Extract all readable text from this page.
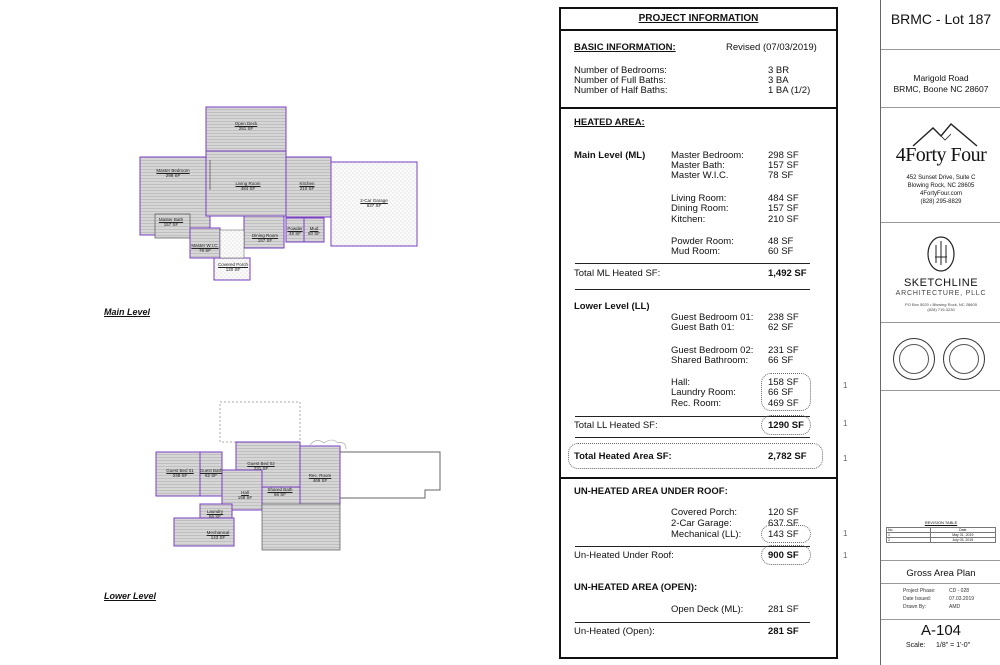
Open Deck
281 SF
Master Bedroom
298 SF
Living Room
484 SF
Kitchen
210 SF
2-Car Garage
637 SF
Master Bath
157 SF
Master W.I.C.
78 SF
Dining Room
157 SF
Powder
48 SF
Mud
60 SF
Covered Porch
120 SF
Guest Bed 01
238 SF
Guest Bath
62 SF
Guest Bed 02
231 SF
Rec. Room
469 SF
Hall
158 SF
Shared Bath
66 SF
Laundry
66 SF
Mechanical
143 SF
Main Level
Lower Level
PROJECT INFORMATION
BASIC INFORMATION:	Revised (07/03/2019)
Number of Bedrooms:	3 BR
Number of Full Baths:	3 BA
Number of Half Baths:	1 BA (1/2)
HEATED AREA:
Main Level (ML)	Master Bedroom:	298 SF
Master Bath:	157 SF
Master W.I.C.	78 SF
Living Room:	484 SF
Dining Room:	157 SF
Kitchen:	210 SF
Powder Room:	48 SF
Mud Room:	60 SF
Total ML Heated SF:	1,492 SF
Lower Level (LL)
Guest Bedroom 01: 238 SF
Guest Bath 01:	62 SF
Guest Bedroom 02: 231 SF
Shared Bathroom: 66 SF
Hall:	158 SF
Laundry Room:	66 SF
Rec. Room:	469 SF
1
Total LL Heated SF:	1290 SF	1
Total Heated Area SF:	2,782 SF	1
UN-HEATED AREA UNDER ROOF:
Covered Porch:	120 SF
2-Car Garage:	637 SF
Mechanical (LL):	143 SF	1
Un-Heated Under Roof:	900 SF	1
UN-HEATED AREA (OPEN):
Open Deck (ML):	281 SF
Un-Heated (Open):	281 SF
BRMC - Lot 187
Marigold Road
BRMC, Boone NC 28607
4Forty Four
452 Sunset Drive, Suite C
Blowing Rock, NC 28605
4FortyFour.com
(828) 295-8829
SKETCHLINE
ARCHITECTURE, PLLC
PO Box 5020 • Blowing Rock, NC 28605
(828) 719-3230
REVISION TABLE
No.	Date
1	May 31, 2019
2	July 03, 2019
Gross Area Plan
Project Phase:	CD - 028
Date Issued:	07.03.2019
Drawn By:	AMD
A-104
Scale: 1/8" = 1'-0"
